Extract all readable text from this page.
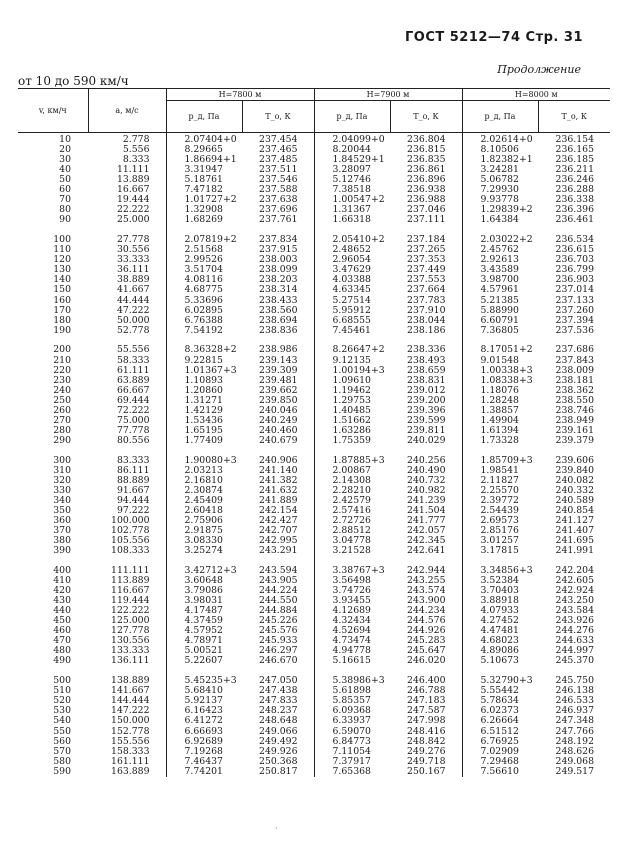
ГОСТ 5212—74 Стр. 31
Продолжение
от 10 до 590 км/ч
v, км/ч	a, м/с	H=7800 м		H=7900 м		H=8000 м	
		p_д, Па	T_о, К	p_д, Па	T_о, К	p_д, Па	T_о, К
10	2.778	2.07404+0	237.454	2.04099+0	236.804	2.02614+0	236.154
20	5.556	8.29665	237.465	8.20044	236.815	8.10506	236.165
30	8.333	1.86694+1	237.485	1.84529+1	236.835	1.82382+1	236.185
40	11.111	3.31947	237.511	3.28097	236.861	3.24281	236.211
50	13.889	5.18761	237.546	5.12746	236.896	5.06782	236.246
60	16.667	7.47182	237.588	7.38518	236.938	7.29930	236.288
70	19.444	1.01727+2	237.638	1.00547+2	236.988	9.93778	236.338
80	22.222	1.32908	237.696	1.31367	237.046	1.29839+2	236.396
90	25.000	1.68269	237.761	1.66318	237.111	1.64384	236.461

100	27.778	2.07819+2	237.834	2.05410+2	237.184	2.03022+2	236.534
110	30.556	2.51568	237.915	2.48652	237.265	2.45762	236.615
120	33.333	2.99526	238.003	2.96054	237.353	2.92613	236.703
130	36.111	3.51704	238.099	3.47629	237.449	3.43589	236.799
140	38.889	4.08116	238.203	4.03388	237.553	3.98700	236.903
150	41.667	4.68775	238.314	4.63345	237.664	4.57961	237.014
160	44.444	5.33696	238.433	5.27514	237.783	5.21385	237.133
170	47.222	6.02895	238.560	5.95912	237.910	5.88990	237.260
180	50.000	6.76388	238.694	6.68555	238.044	6.60791	237.394
190	52.778	7.54192	238.836	7.45461	238.186	7.36805	237.536

200	55.556	8.36328+2	238.986	8.26647+2	238.336	8.17051+2	237.686
210	58.333	9.22815	239.143	9.12135	238.493	9.01548	237.843
220	61.111	1.01367+3	239.309	1.00194+3	238.659	1.00338+3	238.009
230	63.889	1.10893	239.481	1.09610	238.831	1.08338+3	238.181
240	66.667	1.20860	239.662	1.19462	239.012	1.18076	238.362
250	69.444	1.31271	239.850	1.29753	239.200	1.28248	238.550
260	72.222	1.42129	240.046	1.40485	239.396	1.38857	238.746
270	75.000	1.53436	240.249	1.51662	239.599	1.49904	238.949
280	77.778	1.65195	240.460	1.63286	239.811	1.61394	239.161
290	80.556	1.77409	240.679	1.75359	240.029	1.73328	239.379

300	83.333	1.90080+3	240.906	1.87885+3	240.256	1.85709+3	239.606
310	86.111	2.03213	241.140	2.00867	240.490	1.98541	239.840
320	88.889	2.16810	241.382	2.14308	240.732	2.11827	240.082
330	91.667	2.30874	241.632	2.28210	240.982	2.25570	240.332
340	94.444	2.45409	241.889	2.42579	241.239	2.39772	240.589
350	97.222	2.60418	242.154	2.57416	241.504	2.54439	240.854
360	100.000	2.75906	242.427	2.72726	241.777	2.69573	241.127
370	102.778	2.91875	242.707	2.88512	242.057	2.85176	241.407
380	105.556	3.08330	242.995	3.04778	242.345	3.01257	241.695
390	108.333	3.25274	243.291	3.21528	242.641	3.17815	241.991

400	111.111	3.42712+3	243.594	3.38767+3	242.944	3.34856+3	242.204
410	113.889	3.60648	243.905	3.56498	243.255	3.52384	242.605
420	116.667	3.79086	244.224	3.74726	243.574	3.70403	242.924
430	119.444	3.98031	244.550	3.93455	243.900	3.88918	243.250
440	122.222	4.17487	244.884	4.12689	244.234	4.07933	243.584
450	125.000	4.37459	245.226	4.32434	244.576	4.27452	243.926
460	127.778	4.57952	245.576	4.52694	244.926	4.47481	244.276
470	130.556	4.78971	245.933	4.73474	245.283	4.68023	244.633
480	133.333	5.00521	246.297	4.94778	245.647	4.89086	244.997
490	136.111	5.22607	246.670	5.16615	246.020	5.10673	245.370

500	138.889	5.45235+3	247.050	5.38986+3	246.400	5.32790+3	245.750
510	141.667	5.68410	247.438	5.61898	246.788	5.55442	246.138
520	144.444	5.92137	247.833	5.85357	247.183	5.78634	246.533
530	147.222	6.16423	248.237	6.09368	247.587	6.02373	246.937
540	150.000	6.41272	248.648	6.33937	247.998	6.26664	247.348
550	152.778	6.66693	249.066	6.59070	248.416	6.51512	247.766
560	155.556	6.92689	249.492	6.84773	248.842	6.76925	248.192
570	158.333	7.19268	249.926	7.11054	249.276	7.02909	248.626
580	161.111	7.46437	250.368	7.37917	249.718	7.29468	249.068
590	163.889	7.74201	250.817	7.65368	250.167	7.56610	249.517
·
